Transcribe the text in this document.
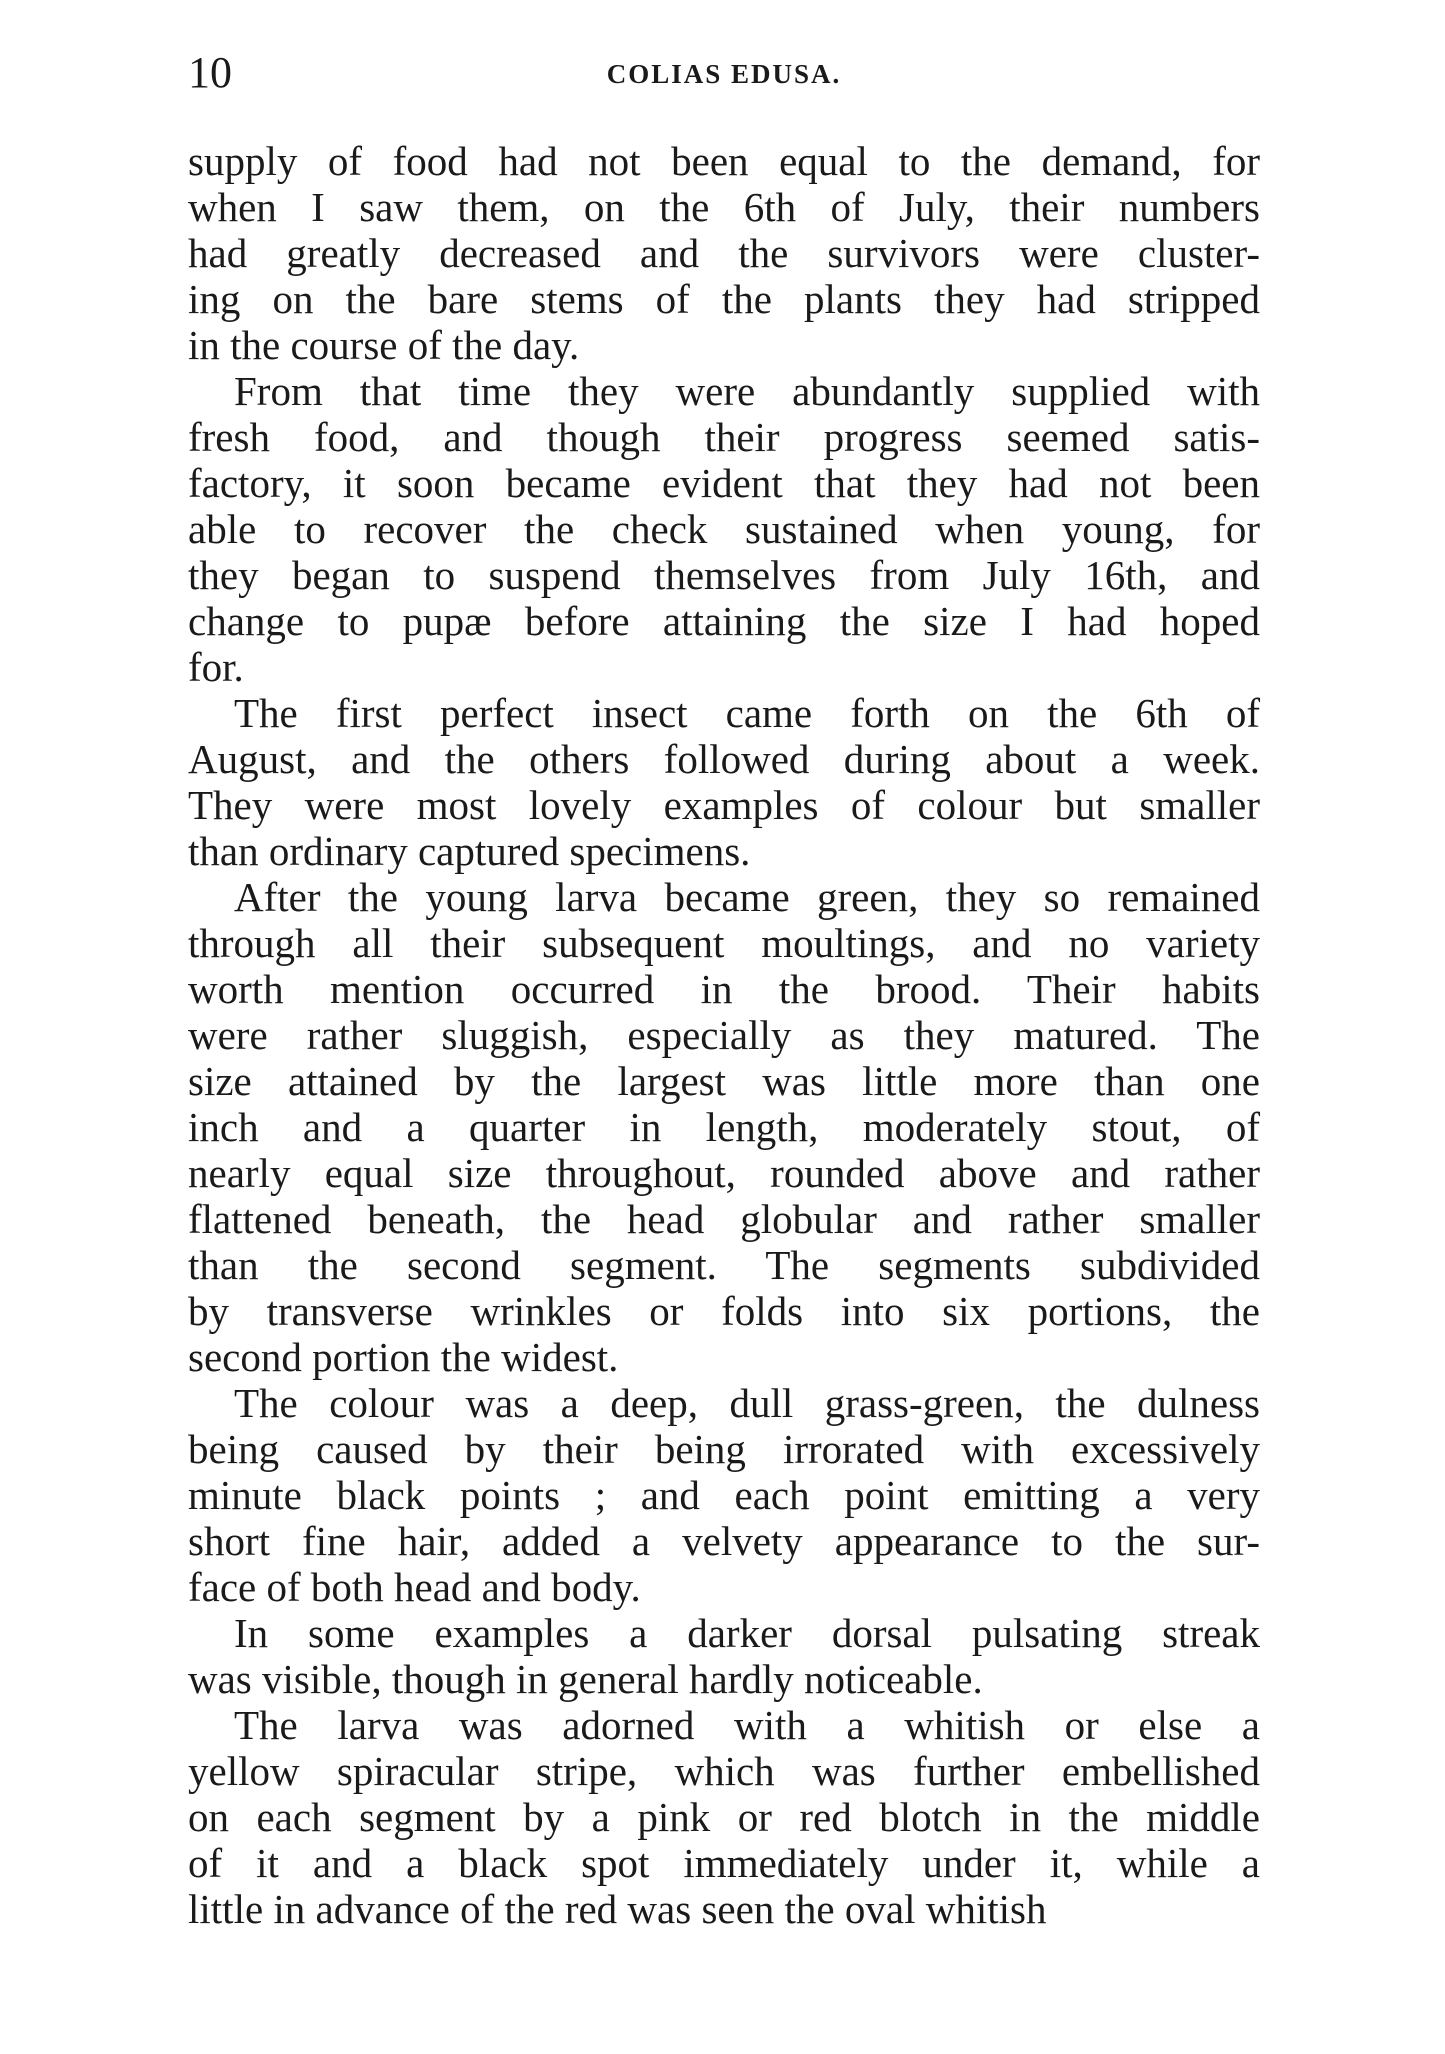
10	COLIAS EDUSA.
supply of food had not been equal to the demand, for
when I saw them, on the 6th of July, their numbers
had greatly decreased and the survivors were cluster-
ing on the bare stems of the plants they had stripped
in the course of the day.
From that time they were abundantly supplied with
fresh food, and though their progress seemed satis-
factory, it soon became evident that they had not been
able to recover the check sustained when young, for
they began to suspend themselves from July 16th, and
change to pupæ before attaining the size I had hoped
for.
The first perfect insect came forth on the 6th of
August, and the others followed during about a week.
They were most lovely examples of colour but smaller
than ordinary captured specimens.
After the young larva became green, they so remained
through all their subsequent moultings, and no variety
worth mention occurred in the brood. Their habits
were rather sluggish, especially as they matured. The
size attained by the largest was little more than one
inch and a quarter in length, moderately stout, of
nearly equal size throughout, rounded above and rather
flattened beneath, the head globular and rather smaller
than the second segment. The segments subdivided
by transverse wrinkles or folds into six portions, the
second portion the widest.
The colour was a deep, dull grass-green, the dulness
being caused by their being irrorated with excessively
minute black points ; and each point emitting a very
short fine hair, added a velvety appearance to the sur-
face of both head and body.
In some examples a darker dorsal pulsating streak
was visible, though in general hardly noticeable.
The larva was adorned with a whitish or else a
yellow spiracular stripe, which was further embellished
on each segment by a pink or red blotch in the middle
of it and a black spot immediately under it, while a
little in advance of the red was seen the oval whitish
